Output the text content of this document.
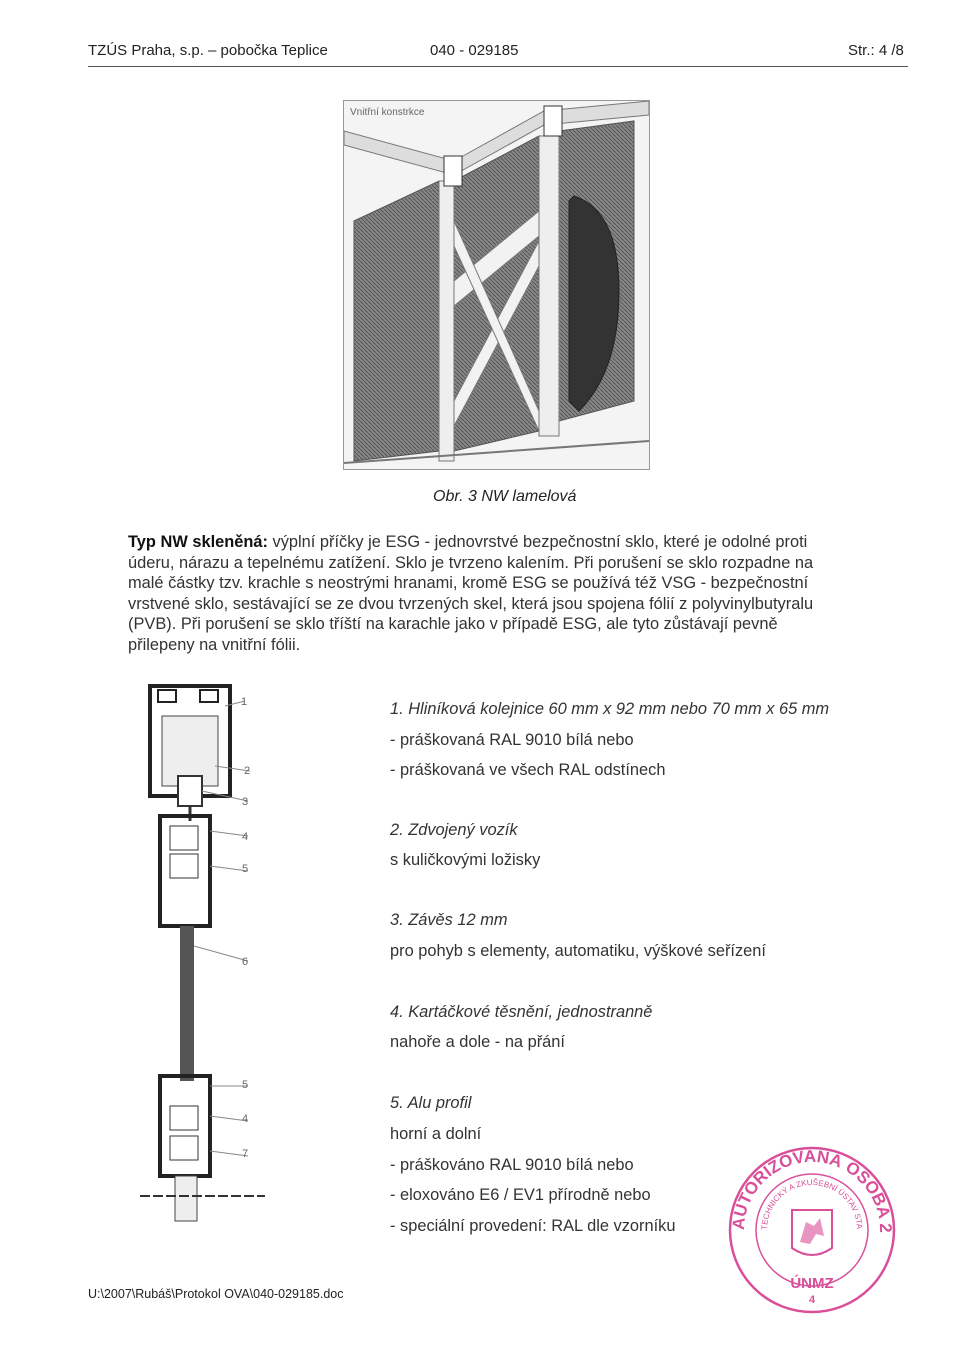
TZÚS Praha, s.p. – pobočka Teplice	040 - 029185	Str.: 4 /8
Vnitřní konstrkce
Obr. 3 NW lamelová
Typ NW skleněná: výplní příčky je ESG - jednovrstvé bezpečnostní sklo, které je odolné proti
úderu, nárazu a tepelnému zatížení. Sklo je tvrzeno kalením. Při porušení se sklo rozpadne na
malé částky tzv. krachle s neostrými hranami, kromě ESG se používá též VSG - bezpečnostní
vrstvené sklo, sestávající se ze dvou tvrzených skel, která jsou spojena fólií z polyvinylbutyralu
(PVB). Při porušení se sklo tříští na karachle jako v případě ESG, ale tyto zůstávají pevně
přilepeny na vnitřní fólii.
1
2
3
4
5
6
5
4
7
1. Hliníková kolejnice 60 mm x 92 mm nebo 70 mm x 65 mm
- práškovaná RAL 9010 bílá nebo
- práškovaná ve všech RAL odstínech
2. Zdvojený vozík
s kuličkovými ložisky
3. Závěs 12 mm
pro pohyb s elementy, automatiku, výškové seřízení
4. Kartáčkové těsnění, jednostranně
nahoře a dole - na přání
5. Alu profil
horní a dolní
- práškováno RAL 9010 bílá nebo
- eloxováno E6 / EV1 přírodně nebo
- speciální provedení: RAL dle vzorníku	AUTORIZOVANÁ OSOBA 2
TECHNICKÝ A ZKUŠEBNÍ ÚSTAV STA
ÚNMZ
4
U:\2007\Rubáš\Protokol OVA\040-029185.doc
